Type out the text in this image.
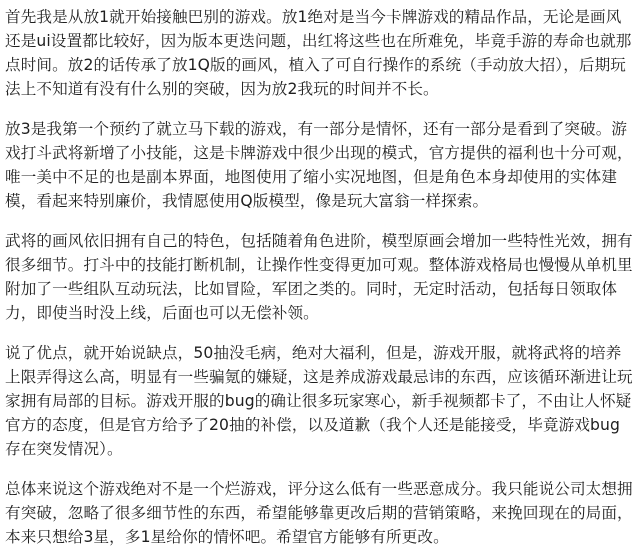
首先我是从放1就开始接触巴别的游戏。放1绝对是当今卡牌游戏的精品作品，无论是画风还是ui设置都比较好，因为版本更迭问题，出红将这些也在所难免，毕竟手游的寿命也就那点时间。放2的话传承了放1Q版的画风，植入了可自行操作的系统（手动放大招），后期玩法上不知道有没有什么别的突破，因为放2我玩的时间并不长。

放3是我第一个预约了就立马下载的游戏，有一部分是情怀，还有一部分是看到了突破。游戏打斗武将新增了小技能，这是卡牌游戏中很少出现的模式，官方提供的福利也十分可观，唯一美中不足的也是副本界面，地图使用了缩小实况地图，但是角色本身却使用的实体建模，看起来特别廉价，我情愿使用Q版模型，像是玩大富翁一样探索。

武将的画风依旧拥有自己的特色，包括随着角色进阶，模型原画会增加一些特性光效，拥有很多细节。打斗中的技能打断机制，让操作性变得更加可观。整体游戏格局也慢慢从单机里附加了一些组队互动玩法，比如冒险，军团之类的。同时，无定时活动，包括每日领取体力，即使当时没上线，后面也可以无偿补领。

说了优点，就开始说缺点，50抽没毛病，绝对大福利，但是，游戏开服，就将武将的培养上限弄得这么高，明显有一些骗氪的嫌疑，这是养成游戏最忌讳的东西，应该循环渐进让玩家拥有局部的目标。游戏开服的bug的确让很多玩家寒心，新手视频都卡了，不由让人怀疑官方的态度，但是官方给予了20抽的补偿，以及道歉（我个人还是能接受，毕竟游戏bug存在突发情况）。

总体来说这个游戏绝对不是一个烂游戏，评分这么低有一些恶意成分。我只能说公司太想拥有突破，忽略了很多细节性的东西，希望能够靠更改后期的营销策略，来挽回现在的局面，本来只想给3星，多1星给你的情怀吧。希望官方能够有所更改。
